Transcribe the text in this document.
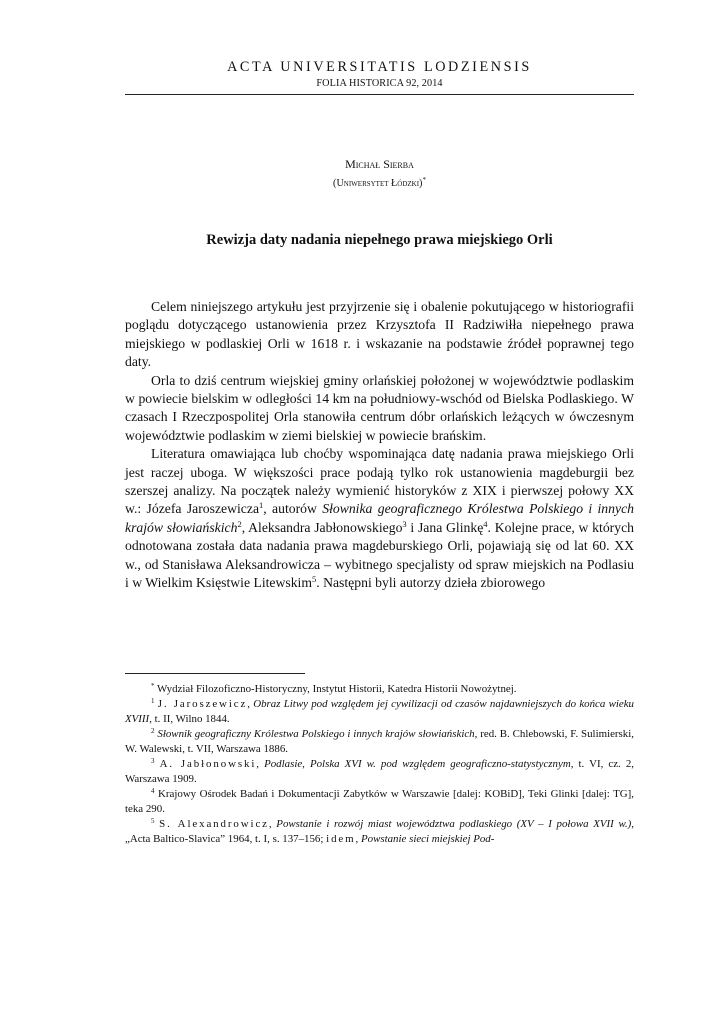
ACTA UNIVERSITATIS LODZIENSIS
FOLIA HISTORICA 92, 2014
Michał Sierba
(Uniwersytet Łódzki)*
Rewizja daty nadania niepełnego prawa miejskiego Orli

Celem niniejszego artykułu jest przyjrzenie się i obalenie pokutującego w historiografii poglądu dotyczącego ustanowienia przez Krzysztofa II Radziwiłła niepełnego prawa miejskiego w podlaskiej Orli w 1618 r. i wskazanie na podstawie źródeł poprawnej tego daty.

Orla to dziś centrum wiejskiej gminy orlańskiej położonej w województwie podlaskim w powiecie bielskim w odległości 14 km na południowy-wschód od Bielska Podlaskiego. W czasach I Rzeczpospolitej Orla stanowiła centrum dóbr orlańskich leżących w ówczesnym województwie podlaskim w ziemi bielskiej w powiecie brańskim.

Literatura omawiająca lub choćby wspominająca datę nadania prawa miejskiego Orli jest raczej uboga. W większości prace podają tylko rok ustanowienia magdeburgii bez szerszej analizy. Na początek należy wymienić historyków z XIX i pierwszej połowy XX w.: Józefa Jaroszewicza$^1$, autorów Słownika geograficznego Królestwa Polskiego i innych krajów słowiańskich$^2$, Aleksandra Jabłonowskiego$^3$ i Jana Glinkę$^4$. Kolejne prace, w których odnotowana została data nadania prawa magdeburskiego Orli, pojawiają się od lat 60. XX w., od Stanisława Aleksandrowicza – wybitnego specjalisty od spraw miejskich na Podlasiu i w Wielkim Księstwie Litewskim$^5$. Następni byli autorzy dzieła zbiorowego

* Wydział Filozoficzno-Historyczny, Instytut Historii, Katedra Historii Nowożytnej.

$^1$ J. Jaroszewicz, Obraz Litwy pod względem jej cywilizacji od czasów najdawniejszych do końca wieku XVIII, t. II, Wilno 1844.

$^2$ Słownik geograficzny Królestwa Polskiego i innych krajów słowiańskich, red. B. Chlebowski, F. Sulimierski, W. Walewski, t. VII, Warszawa 1886.

$^3$ A. Jabłonowski, Podlasie, Polska XVI w. pod względem geograficzno-statystycznym, t. VI, cz. 2, Warszawa 1909.

$^4$ Krajowy Ośrodek Badań i Dokumentacji Zabytków w Warszawie [dalej: KOBiD], Teki Glinki [dalej: TG], teka 290.

$^5$ S. Alexandrowicz, Powstanie i rozwój miast województwa podlaskiego (XV – I połowa XVII w.), „Acta Baltico-Slavica” 1964, t. I, s. 137–156; idem, Powstanie sieci miejskiej Pod-
